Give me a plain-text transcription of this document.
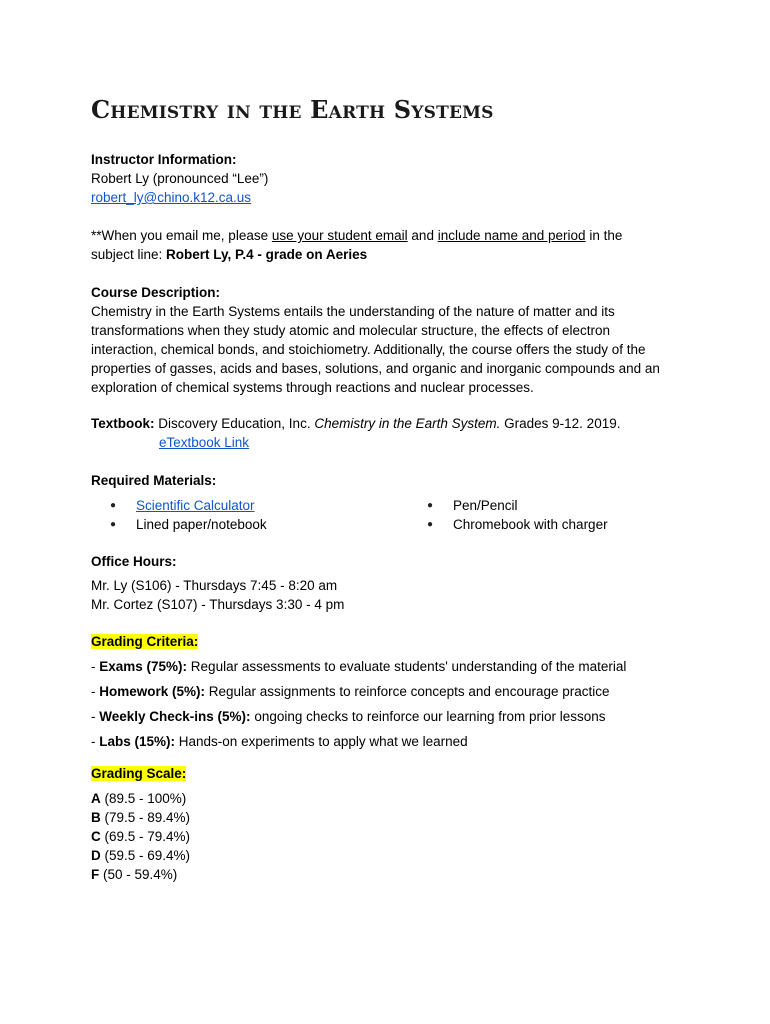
Chemistry in the Earth Systems
Instructor Information:
Robert Ly (pronounced “Lee”)
robert_ly@chino.k12.ca.us
**When you email me, please use your student email and include name and period in the
subject line: Robert Ly, P.4 - grade on Aeries
Course Description:
Chemistry in the Earth Systems entails the understanding of the nature of matter and its
transformations when they study atomic and molecular structure, the effects of electron
interaction, chemical bonds, and stoichiometry. Additionally, the course offers the study of the
properties of gasses, acids and bases, solutions, and organic and inorganic compounds and an
exploration of chemical systems through reactions and nuclear processes.
Textbook: Discovery Education, Inc. Chemistry in the Earth System. Grades 9-12. 2019.
eTextbook Link
Required Materials:
● Scientific Calculator
● Lined paper/notebook
● Pen/Pencil
● Chromebook with charger
Office Hours:
Mr. Ly (S106) - Thursdays 7:45 - 8:20 am
Mr. Cortez (S107) - Thursdays 3:30 - 4 pm
Grading Criteria:
- Exams (75%): Regular assessments to evaluate students' understanding of the material
- Homework (5%): Regular assignments to reinforce concepts and encourage practice
- Weekly Check-ins (5%): ongoing checks to reinforce our learning from prior lessons
- Labs (15%): Hands-on experiments to apply what we learned
Grading Scale:
A (89.5 - 100%)
B (79.5 - 89.4%)
C (69.5 - 79.4%)
D (59.5 - 69.4%)
F (50 - 59.4%)
